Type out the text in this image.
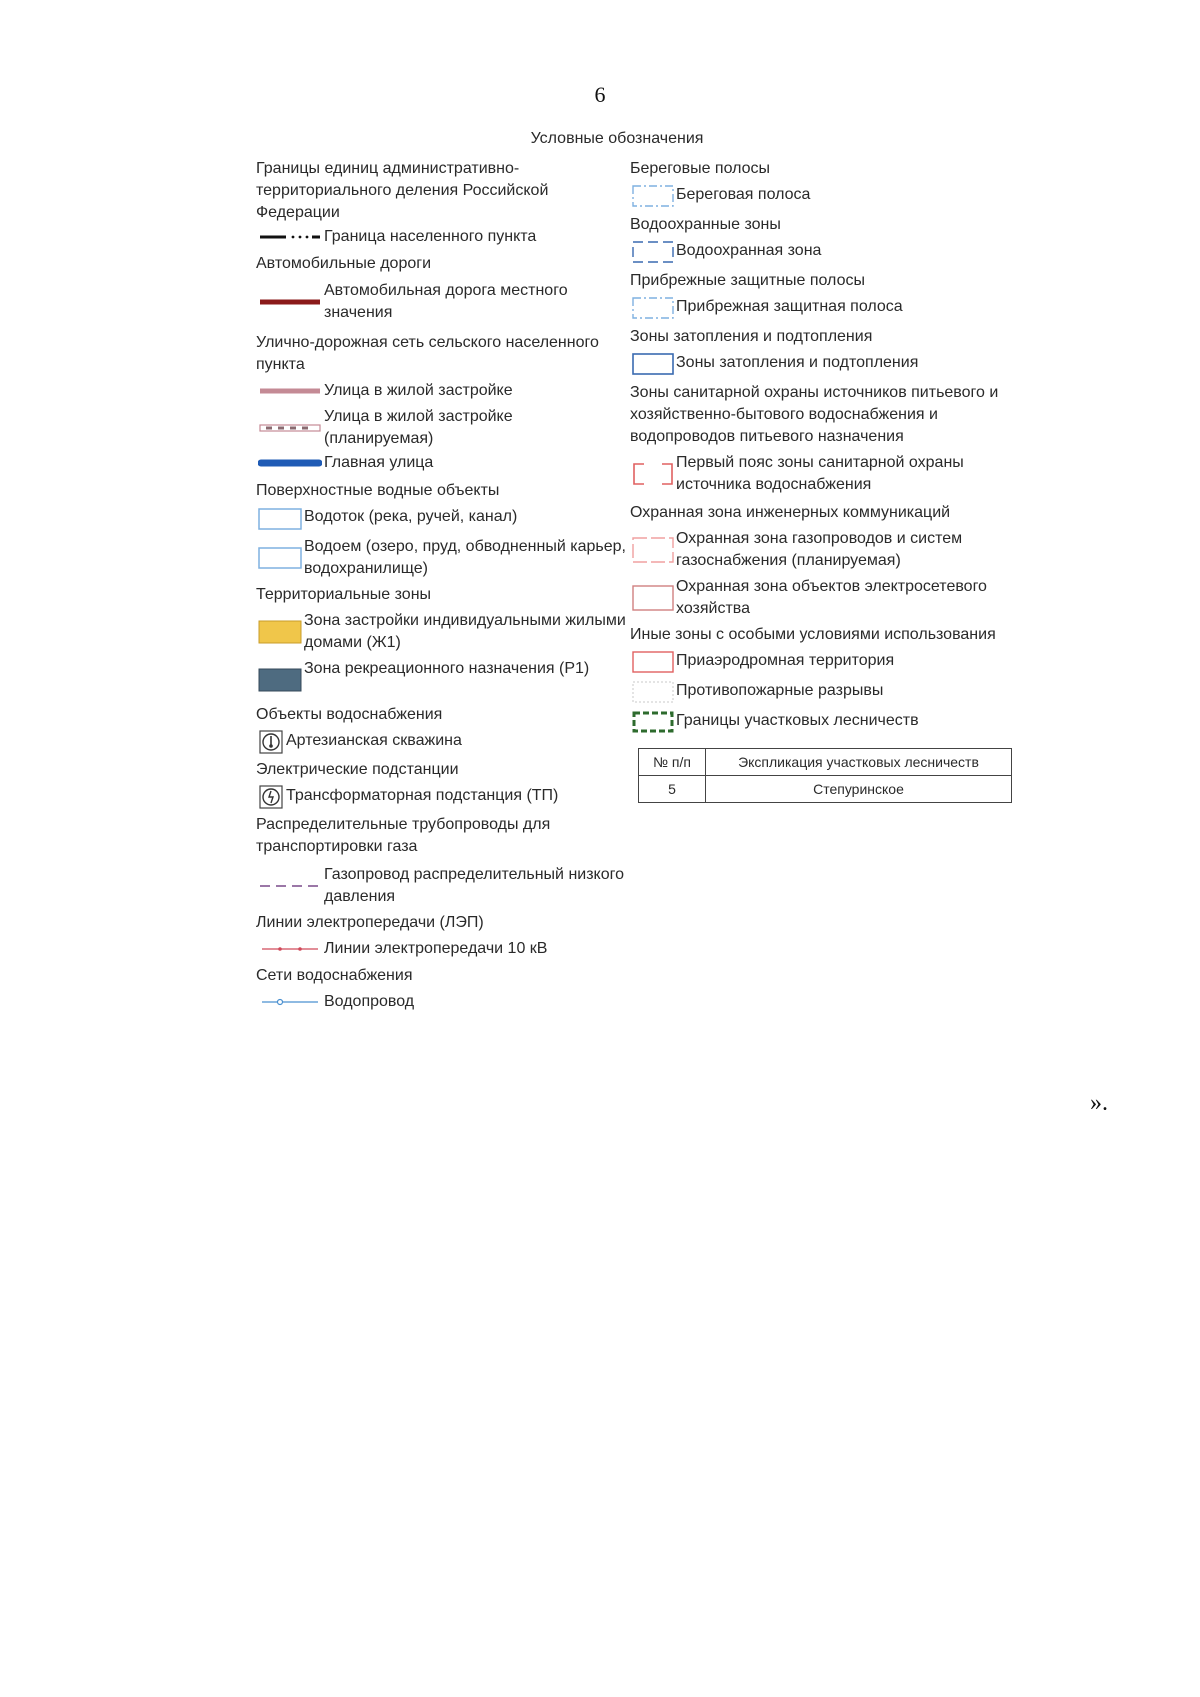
6
Условные обозначения
Границы единиц административно-территориального деления Российской Федерации
Граница населенного пункта
Автомобильные дороги
Автомобильная дорога местного значения
Улично-дорожная сеть сельского населенного пункта
Улица в жилой застройке
Улица в жилой застройке (планируемая)
Главная улица
Поверхностные водные объекты
Водоток (река, ручей, канал)
Водоем (озеро, пруд, обводненный карьер, водохранилище)
Территориальные зоны
Зона застройки индивидуальными жилыми домами (Ж1)
Зона рекреационного назначения (Р1)
Объекты водоснабжения
Артезианская скважина
Электрические подстанции
Трансформаторная подстанция (ТП)
Распределительные трубопроводы для транспортировки газа
Газопровод распределительный низкого давления
Линии электропередачи (ЛЭП)
Линии электропередачи 10 кВ
Сети водоснабжения
Водопровод
Береговые полосы
Береговая полоса
Водоохранные зоны
Водоохранная зона
Прибрежные защитные полосы
Прибрежная защитная полоса
Зоны затопления и подтопления
Зоны затопления и подтопления
Зоны санитарной охраны источников питьевого и хозяйственно-бытового водоснабжения и водопроводов питьевого назначения
Первый пояс зоны санитарной охраны источника водоснабжения
Охранная зона инженерных коммуникаций
Охранная зона газопроводов и систем газоснабжения (планируемая)
Охранная зона объектов электросетевого хозяйства
Иные зоны с особыми условиями использования
Приаэродромная территория
Противопожарные разрывы
Границы участковых лесничеств
№ п/п	Экспликация участковых лесничеств
5	Степуринское
».
